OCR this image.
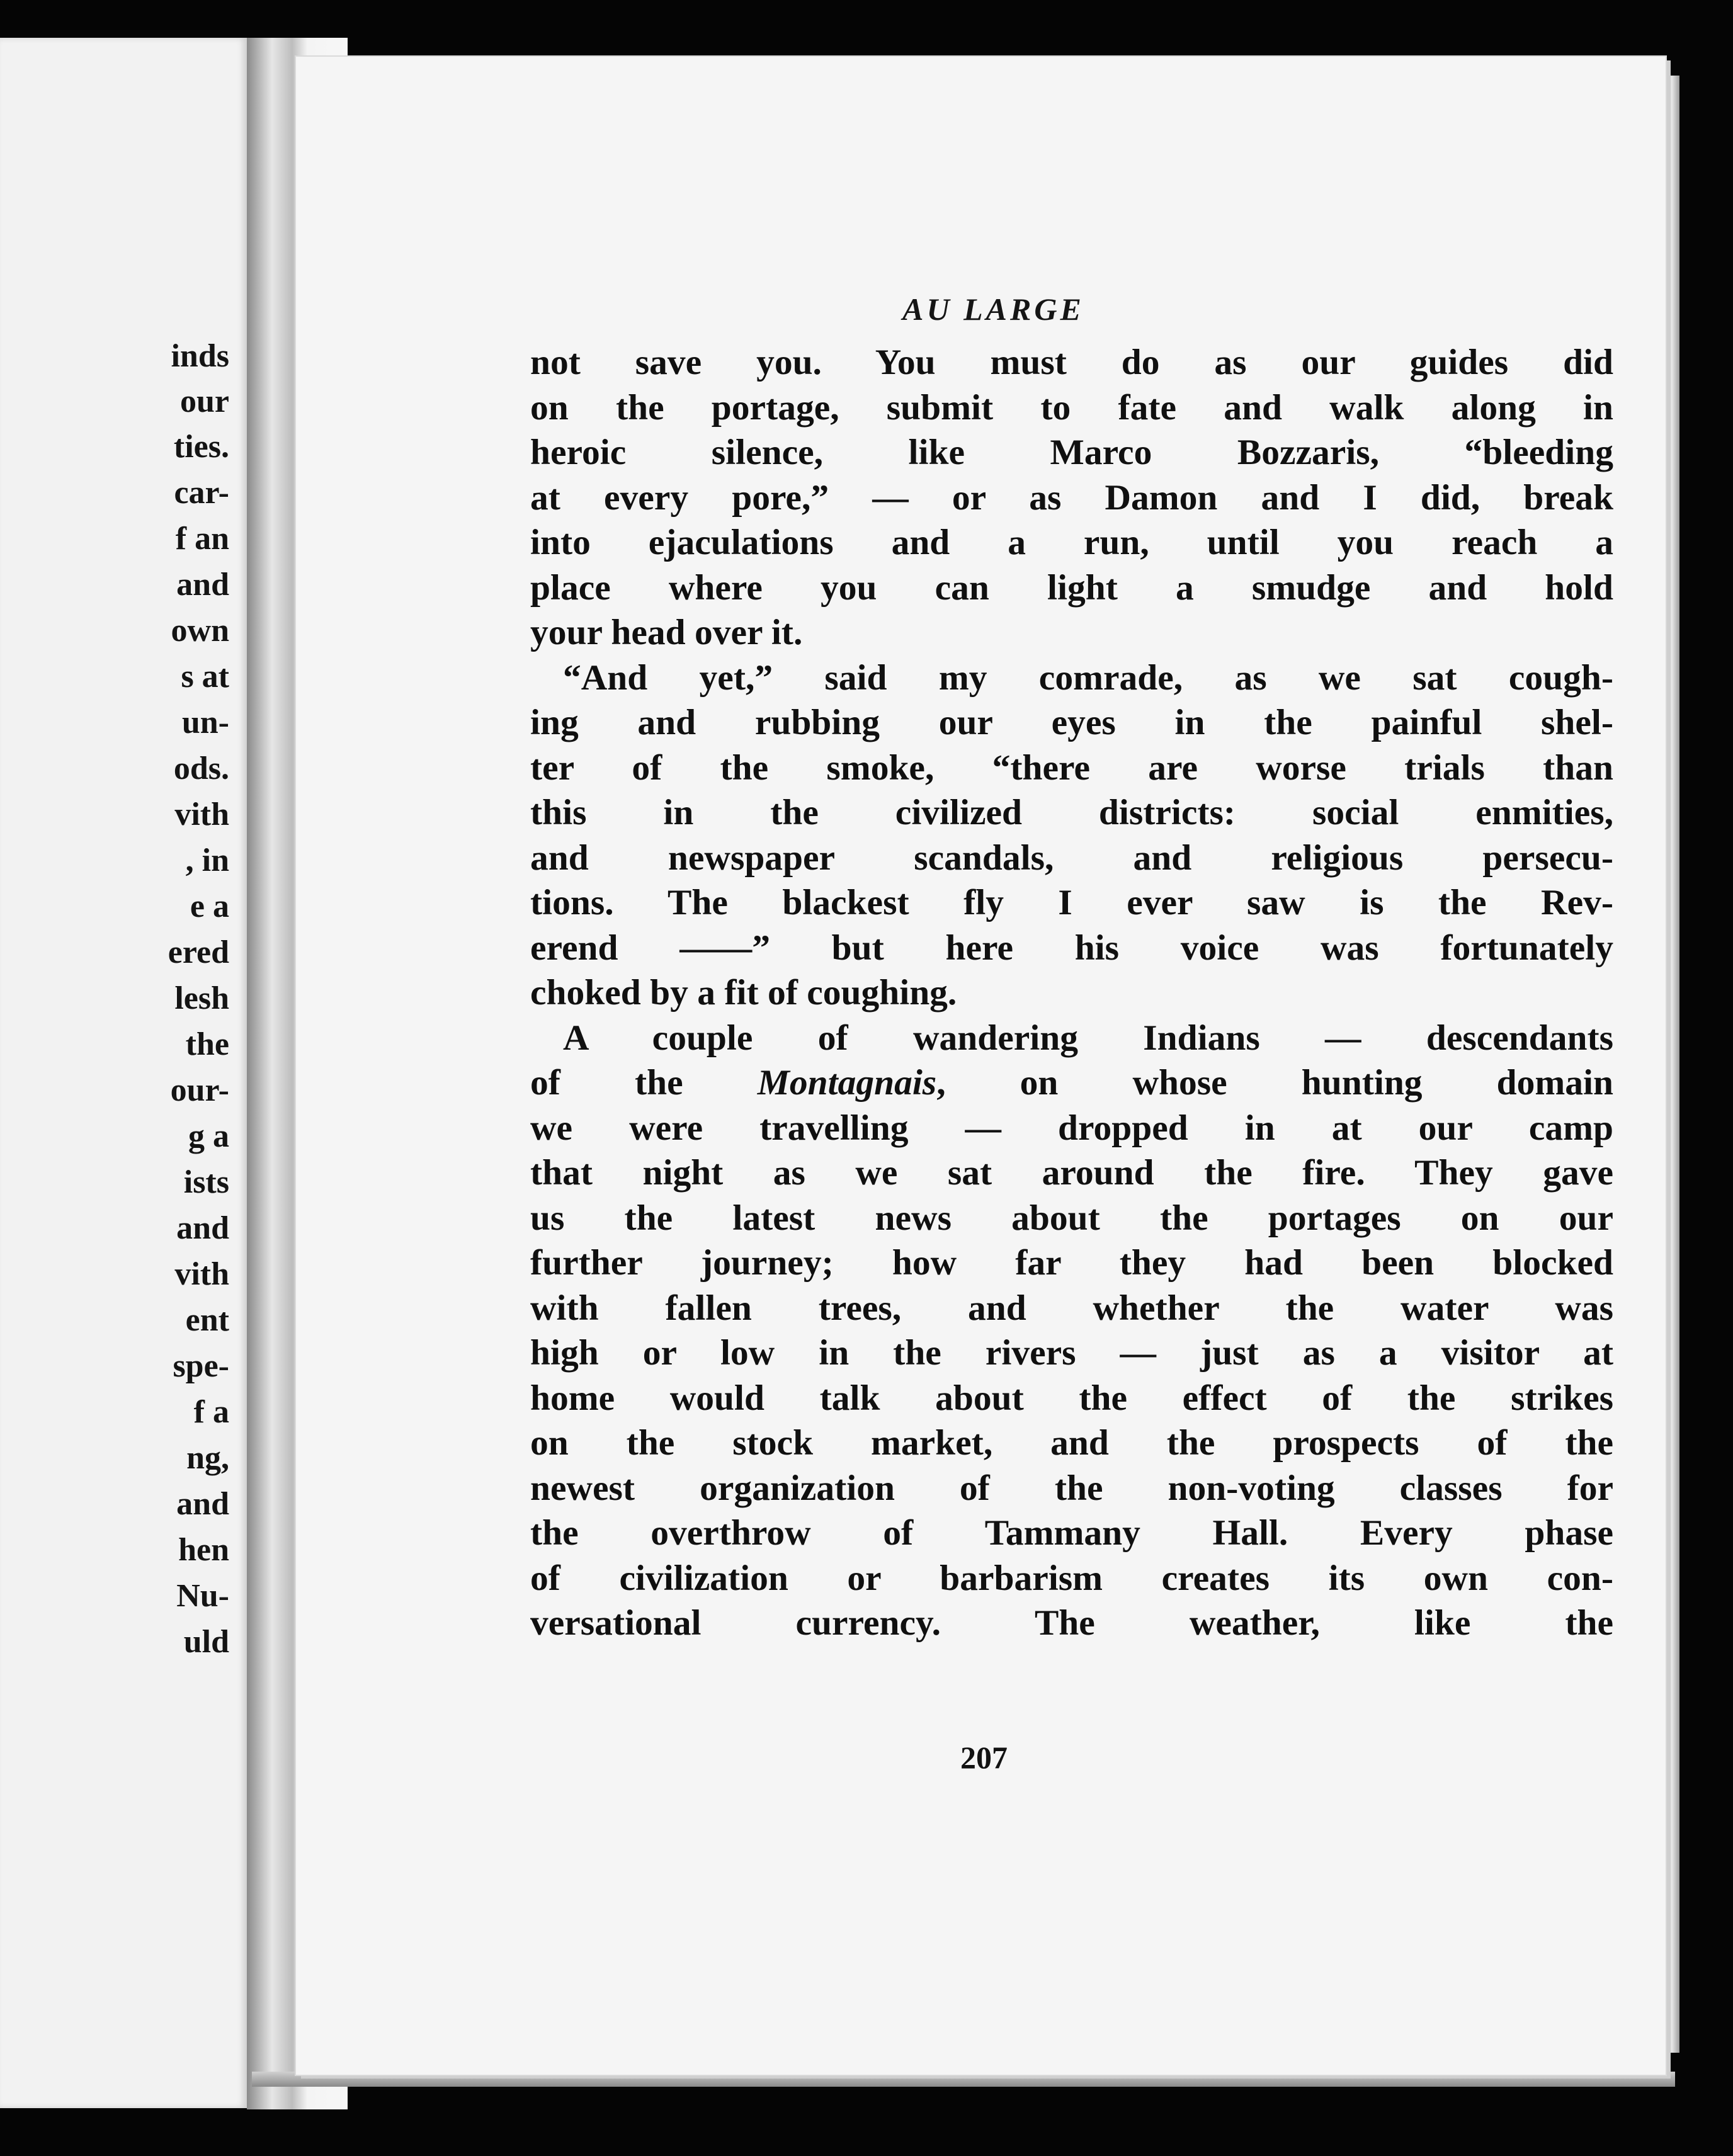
inds
our
ties.
car-
f an
and
own
s at
un-
ods.
vith
, in
e a
ered
lesh
the
our-
g a
ists
and
vith
ent
spe-
f a
ng,
and
hen
Nu-
uld
AU LARGE
not save you. You must do as our guides did
on the portage, submit to fate and walk along in
heroic silence, like Marco Bozzaris, “bleeding
at every pore,” — or as Damon and I did, break
into ejaculations and a run, until you reach a
place where you can light a smudge and hold
your head over it.
“And yet,” said my comrade, as we sat cough-
ing and rubbing our eyes in the painful shel-
ter of the smoke, “there are worse trials than
this in the civilized districts: social enmities,
and newspaper scandals, and religious persecu-
tions. The blackest fly I ever saw is the Rev-
erend ——” but here his voice was fortunately
choked by a fit of coughing.
A couple of wandering Indians — descendants
of the Montagnais, on whose hunting domain
we were travelling — dropped in at our camp
that night as we sat around the fire. They gave
us the latest news about the portages on our
further journey; how far they had been blocked
with fallen trees, and whether the water was
high or low in the rivers — just as a visitor at
home would talk about the effect of the strikes
on the stock market, and the prospects of the
newest organization of the non-voting classes for
the overthrow of Tammany Hall. Every phase
of civilization or barbarism creates its own con-
versational currency. The weather, like the
207
